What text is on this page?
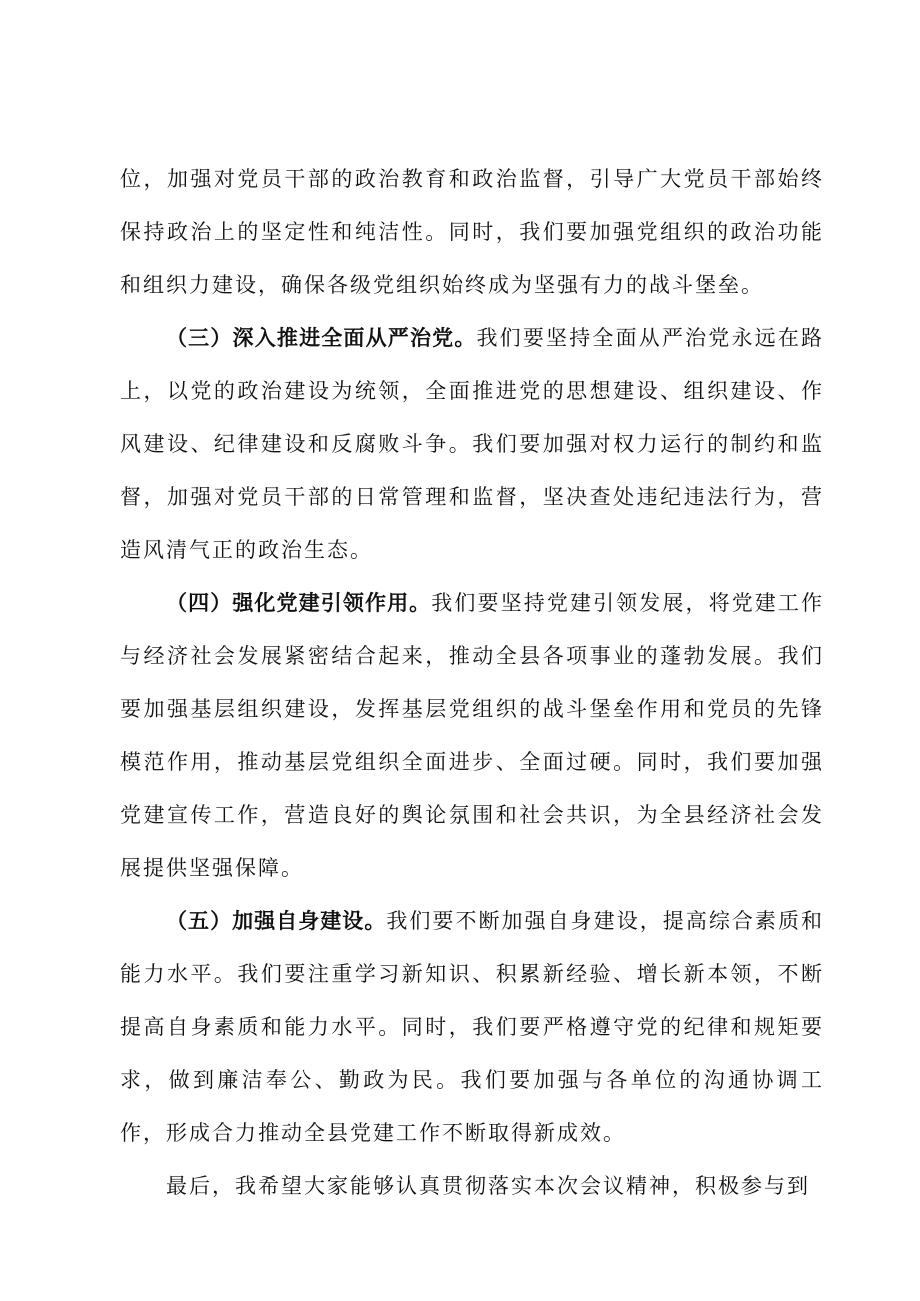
位，加强对党员干部的政治教育和政治监督，引导广大党员干部始终保持政治上的坚定性和纯洁性。同时，我们要加强党组织的政治功能和组织力建设，确保各级党组织始终成为坚强有力的战斗堡垒。

（三）深入推进全面从严治党。我们要坚持全面从严治党永远在路上，以党的政治建设为统领，全面推进党的思想建设、组织建设、作风建设、纪律建设和反腐败斗争。我们要加强对权力运行的制约和监督，加强对党员干部的日常管理和监督，坚决查处违纪违法行为，营造风清气正的政治生态。

（四）强化党建引领作用。我们要坚持党建引领发展，将党建工作与经济社会发展紧密结合起来，推动全县各项事业的蓬勃发展。我们要加强基层组织建设，发挥基层党组织的战斗堡垒作用和党员的先锋模范作用，推动基层党组织全面进步、全面过硬。同时，我们要加强党建宣传工作，营造良好的舆论氛围和社会共识，为全县经济社会发展提供坚强保障。

（五）加强自身建设。我们要不断加强自身建设，提高综合素质和能力水平。我们要注重学习新知识、积累新经验、增长新本领，不断提高自身素质和能力水平。同时，我们要严格遵守党的纪律和规矩要求，做到廉洁奉公、勤政为民。我们要加强与各单位的沟通协调工作，形成合力推动全县党建工作不断取得新成效。

最后，我希望大家能够认真贯彻落实本次会议精神，积极参与到
